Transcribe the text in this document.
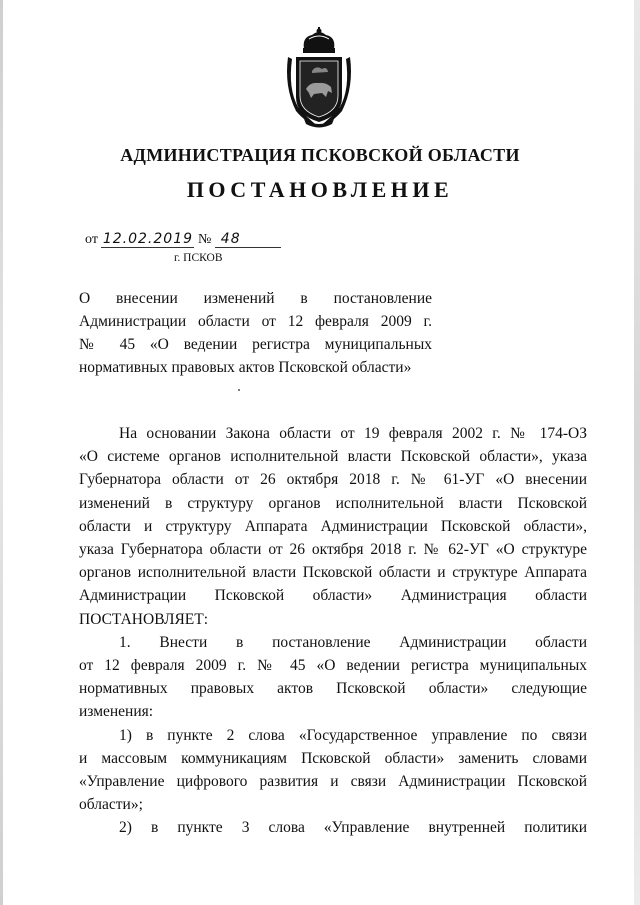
АДМИНИСТРАЦИЯ ПСКОВСКОЙ ОБЛАСТИ
ПОСТАНОВЛЕНИЕ
от 12.02.2019 № 48
г. ПСКОВ
О внесении изменений в постановление
Администрации области от 12 февраля 2009 г.
№ 45 «О ведении регистра муниципальных
нормативных правовых актов Псковской области»
На основании Закона области от 19 февраля 2002 г. № 174-ОЗ
«О системе органов исполнительной власти Псковской области», указа
Губернатора области от 26 октября 2018 г. № 61-УГ «О внесении
изменений в структуру органов исполнительной власти Псковской
области и структуру Аппарата Администрации Псковской области»,
указа Губернатора области от 26 октября 2018 г. № 62-УГ «О структуре
органов исполнительной власти Псковской области и структуре Аппарата
Администрации Псковской области» Администрация области
ПОСТАНОВЛЯЕТ:
1. Внести в постановление Администрации области
от 12 февраля 2009 г. № 45 «О ведении регистра муниципальных
нормативных правовых актов Псковской области» следующие
изменения:
1) в пункте 2 слова «Государственное управление по связи
и массовым коммуникациям Псковской области» заменить словами
«Управление цифрового развития и связи Администрации Псковской
области»;
2) в пункте 3 слова «Управление внутренней политики
